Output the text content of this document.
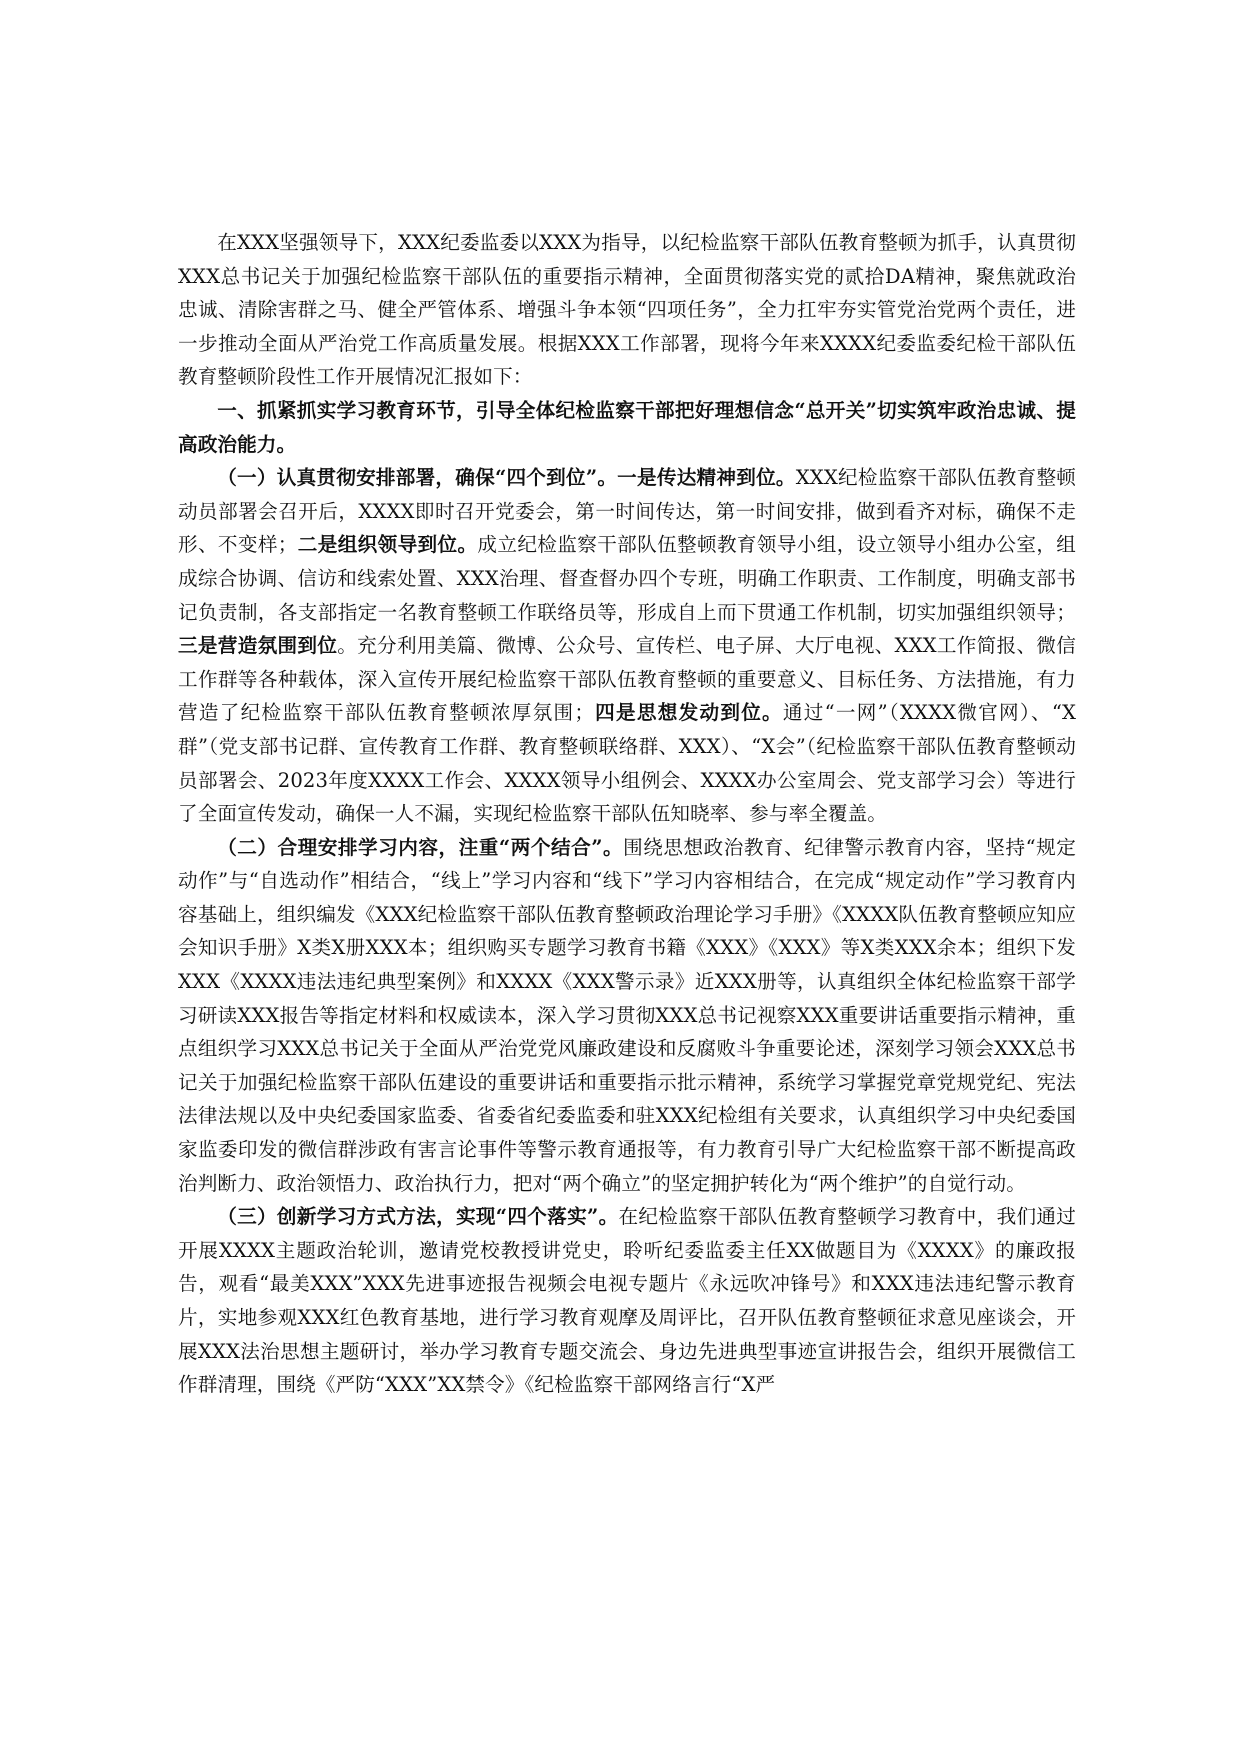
在XXX坚强领导下，XXX纪委监委以XXX为指导，以纪检监察干部队伍教育整顿为抓手，认真贯彻XXX总书记关于加强纪检监察干部队伍的重要指示精神，全面贯彻落实党的贰拾DA精神，聚焦就政治忠诚、清除害群之马、健全严管体系、增强斗争本领“四项任务”，全力扛牢夯实管党治党两个责任，进一步推动全面从严治党工作高质量发展。根据XXX工作部署，现将今年来XXXX纪委监委纪检干部队伍教育整顿阶段性工作开展情况汇报如下：

一、抓紧抓实学习教育环节，引导全体纪检监察干部把好理想信念“总开关”切实筑牢政治忠诚、提高政治能力。

（一）认真贯彻安排部署，确保“四个到位”。一是传达精神到位。XXX纪检监察干部队伍教育整顿动员部署会召开后，XXXX即时召开党委会，第一时间传达，第一时间安排，做到看齐对标，确保不走形、不变样；二是组织领导到位。成立纪检监察干部队伍整顿教育领导小组，设立领导小组办公室，组成综合协调、信访和线索处置、XXX治理、督查督办四个专班，明确工作职责、工作制度，明确支部书记负责制，各支部指定一名教育整顿工作联络员等，形成自上而下贯通工作机制，切实加强组织领导；三是营造氛围到位。充分利用美篇、微博、公众号、宣传栏、电子屏、大厅电视、XXX工作简报、微信工作群等各种载体，深入宣传开展纪检监察干部队伍教育整顿的重要意义、目标任务、方法措施，有力营造了纪检监察干部队伍教育整顿浓厚氛围；四是思想发动到位。通过“一网”（XXXX微官网）、“X群”（党支部书记群、宣传教育工作群、教育整顿联络群、XXX）、“X会”（纪检监察干部队伍教育整顿动员部署会、2023年度XXXX工作会、XXXX领导小组例会、XXXX办公室周会、党支部学习会）等进行了全面宣传发动，确保一人不漏，实现纪检监察干部队伍知晓率、参与率全覆盖。

（二）合理安排学习内容，注重“两个结合”。围绕思想政治教育、纪律警示教育内容，坚持“规定动作”与“自选动作”相结合，“线上”学习内容和“线下”学习内容相结合，在完成“规定动作”学习教育内容基础上，组织编发《XXX纪检监察干部队伍教育整顿政治理论学习手册》《XXXX队伍教育整顿应知应会知识手册》X类X册XXX本；组织购买专题学习教育书籍《XXX》《XXX》等X类XXX余本；组织下发XXX《XXXX违法违纪典型案例》和XXXX《XXX警示录》近XXX册等，认真组织全体纪检监察干部学习研读XXX报告等指定材料和权威读本，深入学习贯彻XXX总书记视察XXX重要讲话重要指示精神，重点组织学习XXX总书记关于全面从严治党党风廉政建设和反腐败斗争重要论述，深刻学习领会XXX总书记关于加强纪检监察干部队伍建设的重要讲话和重要指示批示精神，系统学习掌握党章党规党纪、宪法法律法规以及中央纪委国家监委、省委省纪委监委和驻XXX纪检组有关要求，认真组织学习中央纪委国家监委印发的微信群涉政有害言论事件等警示教育通报等，有力教育引导广大纪检监察干部不断提高政治判断力、政治领悟力、政治执行力，把对“两个确立”的坚定拥护转化为“两个维护”的自觉行动。

（三）创新学习方式方法，实现“四个落实”。在纪检监察干部队伍教育整顿学习教育中，我们通过开展XXXX主题政治轮训，邀请党校教授讲党史，聆听纪委监委主任XX做题目为《XXXX》的廉政报告，观看“最美XXX”XXX先进事迹报告视频会电视专题片《永远吹冲锋号》和XXX违法违纪警示教育片，实地参观XXX红色教育基地，进行学习教育观摩及周评比，召开队伍教育整顿征求意见座谈会，开展XXX法治思想主题研讨，举办学习教育专题交流会、身边先进典型事迹宣讲报告会，组织开展微信工作群清理，围绕《严防“XXX”XX禁令》《纪检监察干部网络言行“X严
